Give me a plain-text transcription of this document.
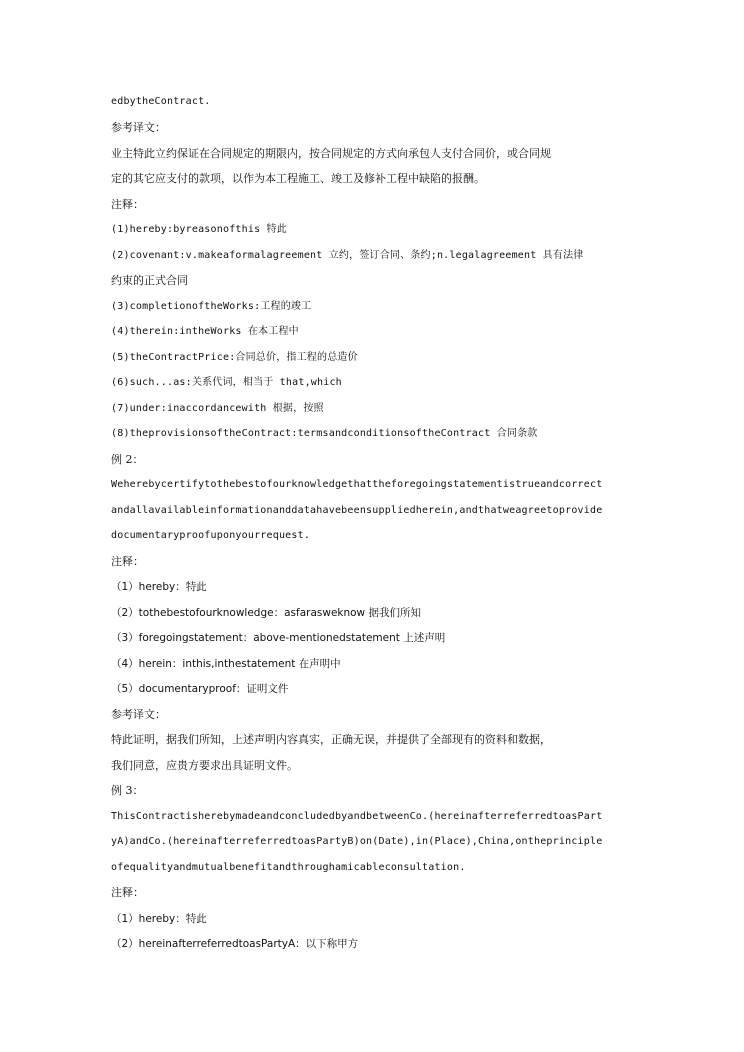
edbytheContract.
参考译文：
业主特此立约保证在合同规定的期限内，按合同规定的方式向承包人支付合同价，或合同规
定的其它应支付的款项，以作为本工程施工、竣工及修补工程中缺陷的报酬。
注释：
(1)hereby:byreasonofthis 特此
(2)covenant:v.makeaformalagreement 立约，签订合同、条约;n.legalagreement 具有法律
约束的正式合同
(3)completionoftheWorks:工程的竣工
(4)therein:intheWorks 在本工程中
(5)theContractPrice:合同总价，指工程的总造价
(6)such...as:关系代词，相当于 that,which
(7)under:inaccordancewith 根据，按照
(8)theprovisionsoftheContract:termsandconditionsoftheContract 合同条款
例 2：
Weherebycertifytothebestofourknowledgethattheforegoingstatementistrueandcorrect
andallavailableinformationanddatahavebeensuppliedherein,andthatweagreetoprovide
documentaryproofuponyourrequest.
注释：
（1）hereby：特此
（2）tothebestofourknowledge：asfarasweknow 据我们所知
（3）foregoingstatement：above-mentionedstatement 上述声明
（4）herein：inthis,inthestatement 在声明中
（5）documentaryproof：证明文件
参考译文：
特此证明，据我们所知，上述声明内容真实，正确无误，并提供了全部现有的资料和数据，
我们同意，应贵方要求出具证明文件。
例 3：
ThisContractisherebymadeandconcludedbyandbetweenCo.(hereinafterreferredtoasPart
yA)andCo.(hereinafterreferredtoasPartyB)on(Date),in(Place),China,ontheprinciple
ofequalityandmutualbenefitandthroughamicableconsultation.
注释：
（1）hereby：特此
（2）hereinafterreferredtoasPartyA：以下称甲方
